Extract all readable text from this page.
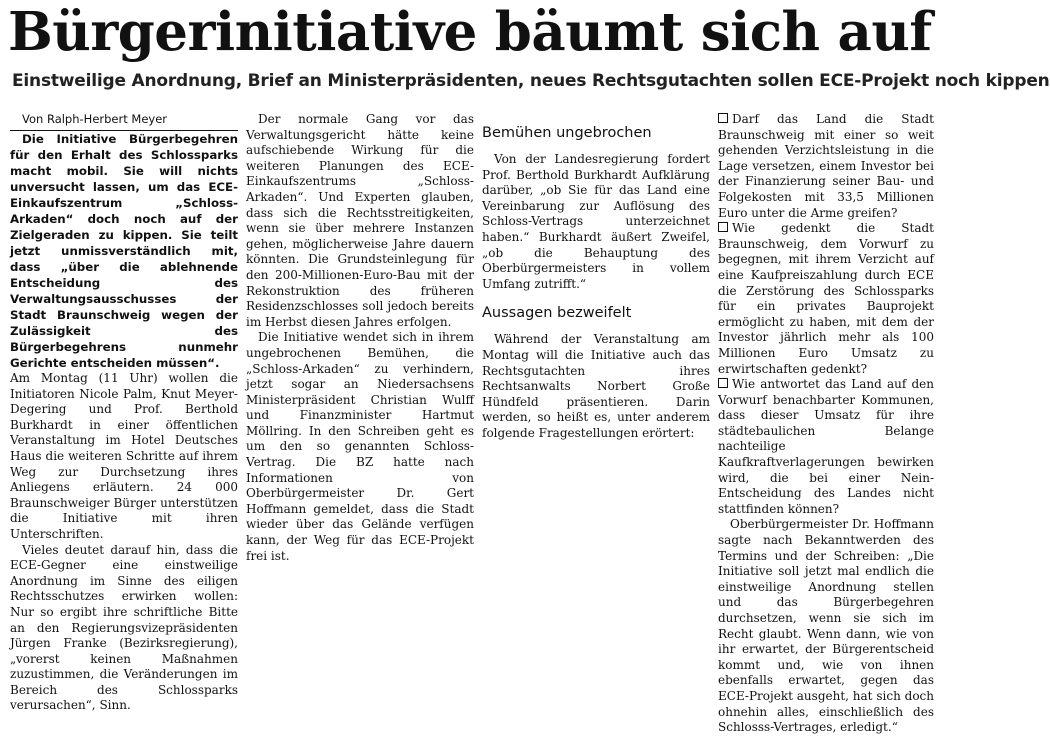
Bürgerinitiative bäumt sich auf
Einstweilige Anordnung, Brief an Ministerpräsidenten, neues Rechtsgutachten sollen ECE-Projekt noch kippen

Von Ralph-Herbert Meyer

Die Initiative Bürgerbegehren für den Erhalt des Schlossparks macht mobil. Sie will nichts unversucht lassen, um das ECE-Einkaufszentrum „Schloss-Arkaden“ doch noch auf der Zielgeraden zu kippen. Sie teilt jetzt unmissverständlich mit, dass „über die ablehnende Entscheidung des Verwaltungsausschusses der Stadt Braunschweig wegen der Zulässigkeit des Bürgerbegehrens nunmehr Gerichte entscheiden müssen“.

Am Montag (11 Uhr) wollen die Initiatoren Nicole Palm, Knut Meyer-Degering und Prof. Berthold Burkhardt in einer öffentlichen Veranstaltung im Hotel Deutsches Haus die weiteren Schritte auf ihrem Weg zur Durchsetzung ihres Anliegens erläutern. 24 000 Braunschweiger Bürger unterstützen die Initiative mit ihren Unterschriften.

Vieles deutet darauf hin, dass die ECE-Gegner eine einstweilige Anordnung im Sinne des eiligen Rechtsschutzes erwirken wollen: Nur so ergibt ihre schriftliche Bitte an den Regierungsvizepräsidenten Jürgen Franke (Bezirksregierung), „vorerst keinen Maßnahmen zuzustimmen, die Veränderungen im Bereich des Schlossparks verursachen“, Sinn.

Der normale Gang vor das Verwaltungsgericht hätte keine aufschiebende Wirkung für die weiteren Planungen des ECE-Einkaufszentrums „Schloss-Arkaden“. Und Experten glauben, dass sich die Rechtsstreitigkeiten, wenn sie über mehrere Instanzen gehen, möglicherweise Jahre dauern könnten. Die Grundsteinlegung für den 200-Millionen-Euro-Bau mit der Rekonstruktion des früheren Residenzschlosses soll jedoch bereits im Herbst diesen Jahres erfolgen.

Die Initiative wendet sich in ihrem ungebrochenen Bemühen, die „Schloss-Arkaden“ zu verhindern, jetzt sogar an Niedersachsens Ministerpräsident Christian Wulff und Finanzminister Hartmut Möllring. In den Schreiben geht es um den so genannten Schloss-Vertrag. Die BZ hatte nach Informationen von Oberbürgermeister Dr. Gert Hoffmann gemeldet, dass die Stadt wieder über das Gelände verfügen kann, der Weg für das ECE-Projekt frei ist.

Bemühen ungebrochen

Von der Landesregierung fordert Prof. Berthold Burkhardt Aufklärung darüber, „ob Sie für das Land eine Vereinbarung zur Auflösung des Schloss-Vertrags unterzeichnet haben.“ Burkhardt äußert Zweifel, „ob die Behauptung des Oberbürgermeisters in vollem Umfang zutrifft.“

Aussagen bezweifelt

Während der Veranstaltung am Montag will die Initiative auch das Rechtsgutachten ihres Rechtsanwalts Norbert Große Hündfeld präsentieren. Darin werden, so heißt es, unter anderem folgende Fragestellungen erörtert:

Darf das Land die Stadt Braunschweig mit einer so weit gehenden Verzichtsleistung in die Lage versetzen, einem Investor bei der Finanzierung seiner Bau- und Folgekosten mit 33,5 Millionen Euro unter die Arme greifen?

Wie gedenkt die Stadt Braunschweig, dem Vorwurf zu begegnen, mit ihrem Verzicht auf eine Kaufpreiszahlung durch ECE die Zerstörung des Schlossparks für ein privates Bauprojekt ermöglicht zu haben, mit dem der Investor jährlich mehr als 100 Millionen Euro Umsatz zu erwirtschaften gedenkt?

Wie antwortet das Land auf den Vorwurf benachbarter Kommunen, dass dieser Umsatz für ihre städtebaulichen Belange nachteilige Kaufkraftverlagerungen bewirken wird, die bei einer Nein-Entscheidung des Landes nicht stattfinden können?

Oberbürgermeister Dr. Hoffmann sagte nach Bekanntwerden des Termins und der Schreiben: „Die Initiative soll jetzt mal endlich die einstweilige Anordnung stellen und das Bürgerbegehren durchsetzen, wenn sie sich im Recht glaubt. Wenn dann, wie von ihr erwartet, der Bürgerentscheid kommt und, wie von ihnen ebenfalls erwartet, gegen das ECE-Projekt ausgeht, hat sich doch ohnehin alles, einschließlich des Schlosss-Vertrages, erledigt.“
